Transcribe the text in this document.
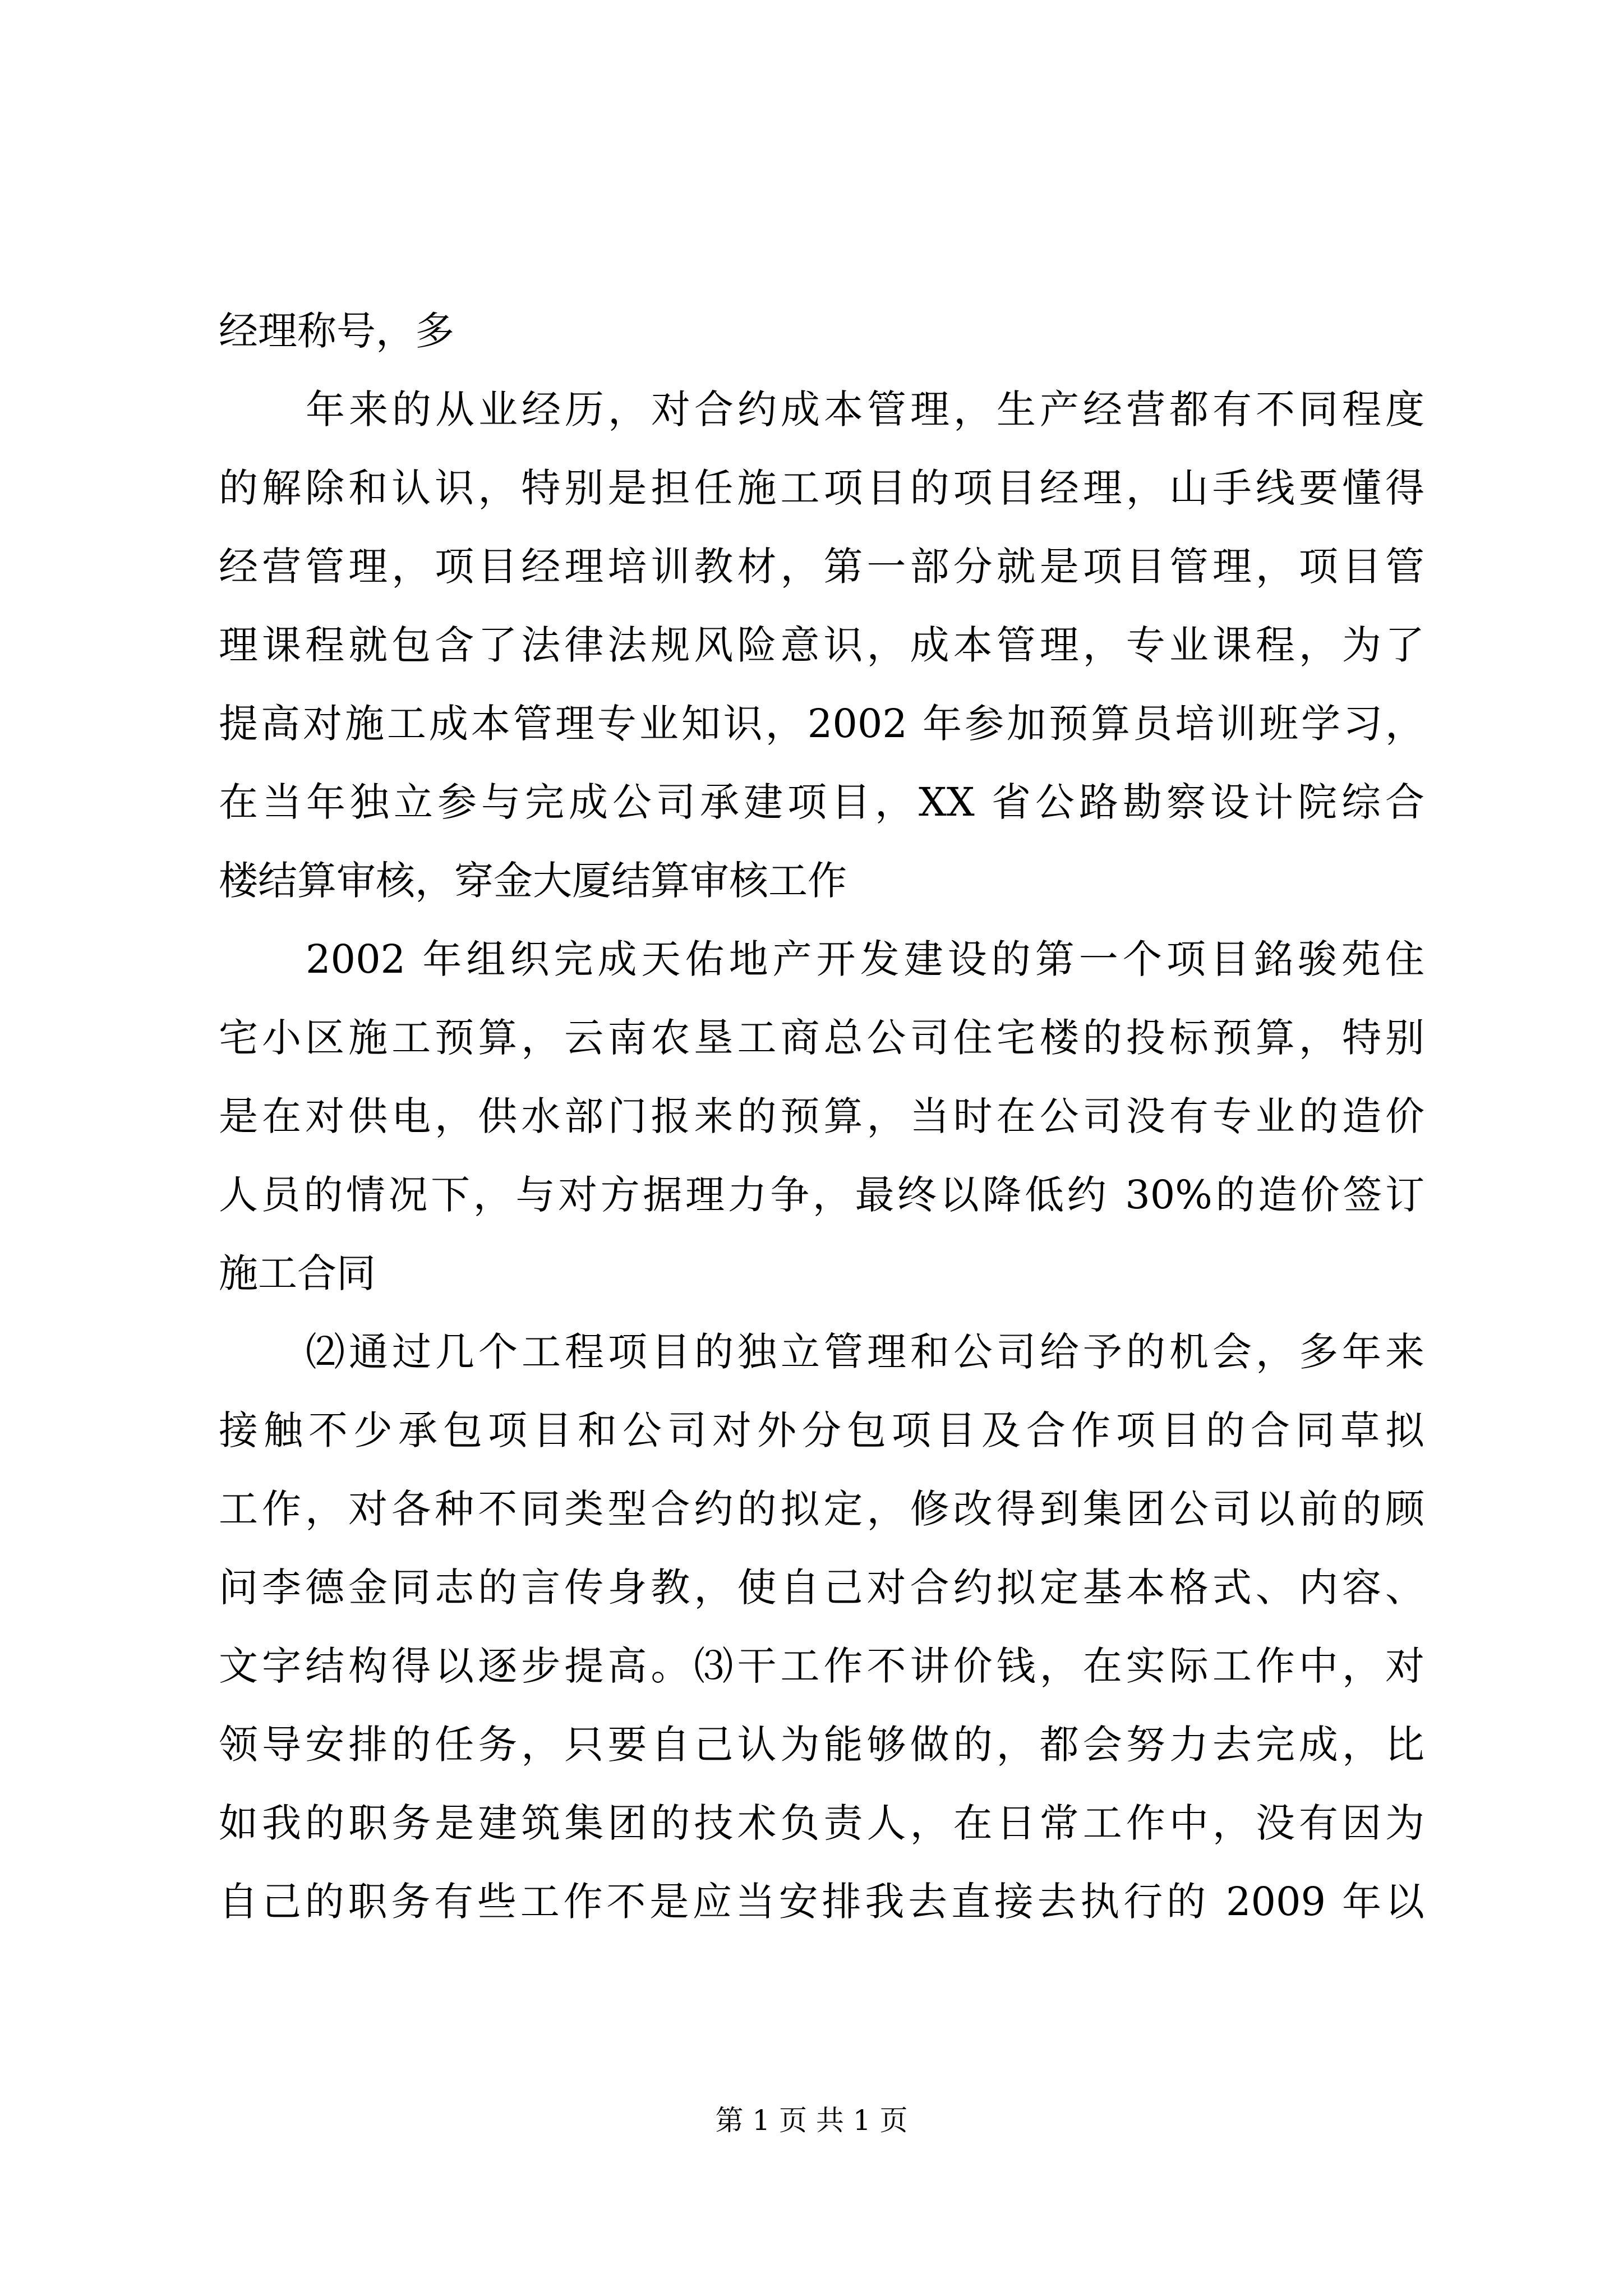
经理称号，多
年来的从业经历，对合约成本管理，生产经营都有不同程度
的解除和认识，特别是担任施工项目的项目经理，山手线要懂得
经营管理，项目经理培训教材，第一部分就是项目管理，项目管
理课程就包含了法律法规风险意识，成本管理，专业课程，为了
提高对施工成本管理专业知识，2002 年参加预算员培训班学习，
在当年独立参与完成公司承建项目，XX 省公路勘察设计院综合
楼结算审核，穿金大厦结算审核工作
2002 年组织完成天佑地产开发建设的第一个项目銘骏苑住
宅小区施工预算，云南农垦工商总公司住宅楼的投标预算，特别
是在对供电，供水部门报来的预算，当时在公司没有专业的造价
人员的情况下，与对方据理力争，最终以降低约 30%的造价签订
施工合同
⑵通过几个工程项目的独立管理和公司给予的机会，多年来
接触不少承包项目和公司对外分包项目及合作项目的合同草拟
工作，对各种不同类型合约的拟定，修改得到集团公司以前的顾
问李德金同志的言传身教，使自己对合约拟定基本格式、内容、
文字结构得以逐步提高。⑶干工作不讲价钱，在实际工作中，对
领导安排的任务，只要自己认为能够做的，都会努力去完成，比
如我的职务是建筑集团的技术负责人，在日常工作中，没有因为
自己的职务有些工作不是应当安排我去直接去执行的 2009 年以
第 1 页 共 1 页
